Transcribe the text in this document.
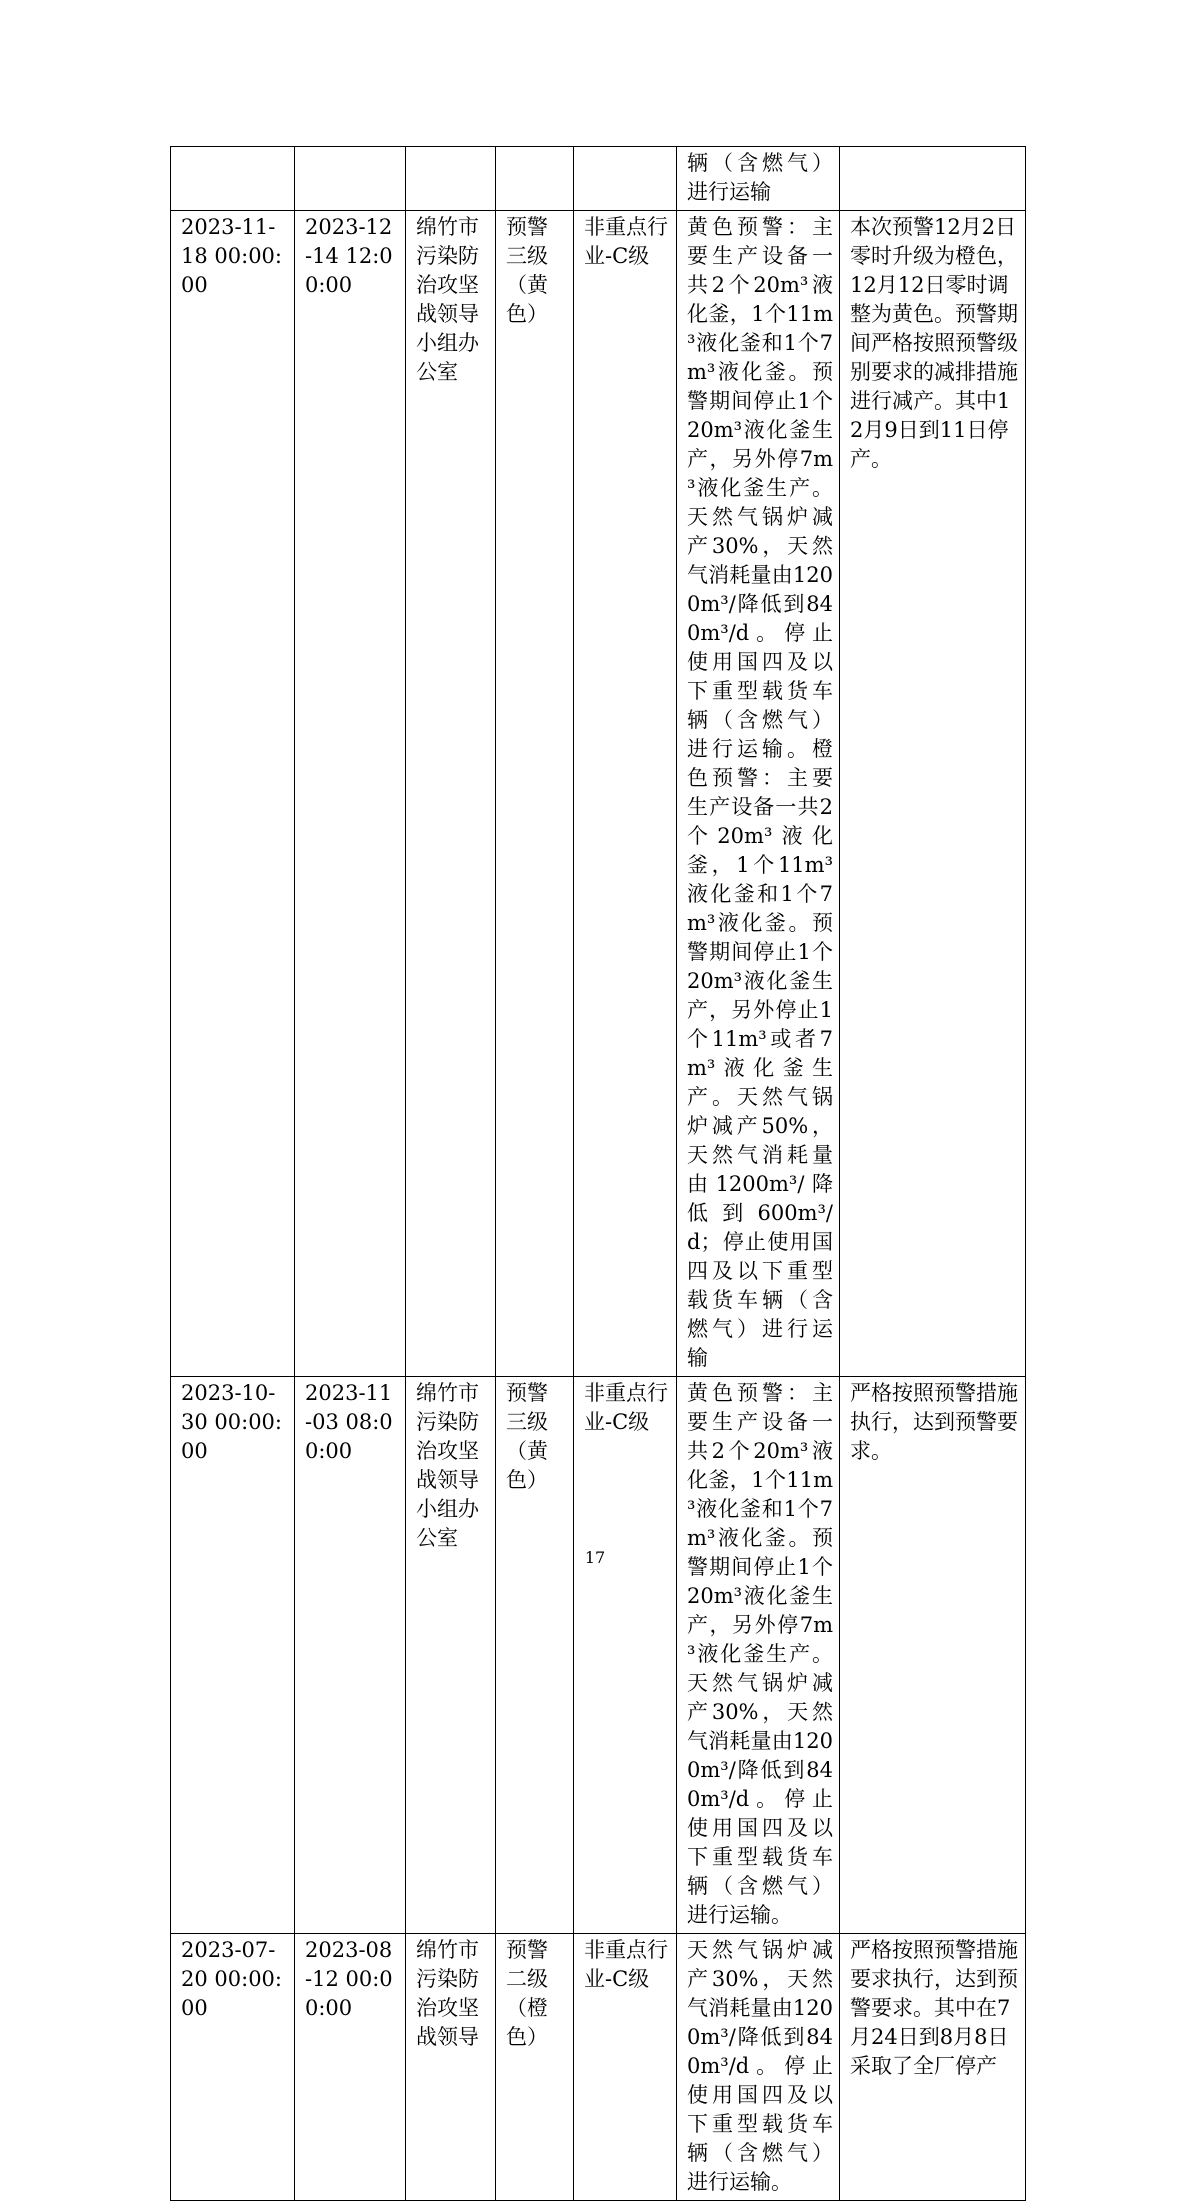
					辆（含燃气）进行运输	
2023-11-18 00:00:00	2023-12-14 12:00:00	绵竹市污染防治攻坚战领导小组办公室	预警三级（黄色）	非重点行业-C级	黄色预警：主要生产设备一共2个20m³液化釜，1个11m³液化釜和1个7m³液化釜。预警期间停止1个20m³液化釜生产，另外停7m³液化釜生产。天然气锅炉减产30%，天然气消耗量由1200m³/降低到840m³/d。停止使用国四及以下重型载货车辆（含燃气）进行运输。橙色预警：主要生产设备一共2个20m³液化釜，1个11m³液化釜和1个7m³液化釜。预警期间停止1个20m³液化釜生产，另外停止1个11m³或者7m³液化釜生产。天然气锅炉减产50%，天然气消耗量由1200m³/降低到600m³/d；停止使用国四及以下重型载货车辆（含燃气）进行运输	本次预警12月2日零时升级为橙色，12月12日零时调整为黄色。预警期间严格按照预警级别要求的减排措施进行减产。其中12月9日到11日停产。
2023-10-30 00:00:00	2023-11-03 08:00:00	绵竹市污染防治攻坚战领导小组办公室	预警三级（黄色）	非重点行业-C级	黄色预警：主要生产设备一共2个20m³液化釜，1个11m³液化釜和1个7m³液化釜。预警期间停止1个20m³液化釜生产，另外停7m³液化釜生产。天然气锅炉减产30%，天然气消耗量由1200m³/降低到840m³/d。停止使用国四及以下重型载货车辆（含燃气）进行运输。	严格按照预警措施执行，达到预警要求。
2023-07-20 00:00:00	2023-08-12 00:00:00	绵竹市污染防治攻坚战领导	预警二级（橙色）	非重点行业-C级	天然气锅炉减产30%，天然气消耗量由1200m³/降低到840m³/d。停止使用国四及以下重型载货车辆（含燃气）进行运输。	严格按照预警措施要求执行，达到预警要求。其中在7月24日到8月8日采取了全厂停产
17
